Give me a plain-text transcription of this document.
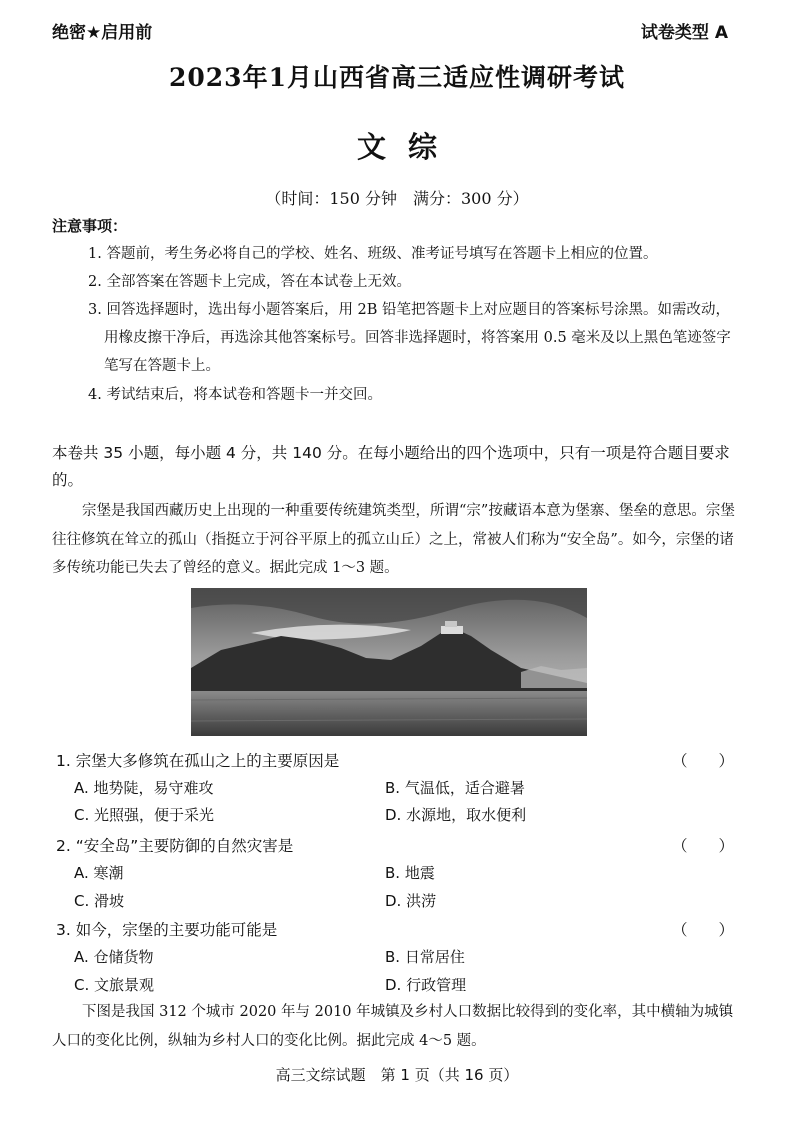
绝密★启用前	试卷类型 A
2023年1月山西省高三适应性调研考试
文综
（时间：150 分钟　满分：300 分）
注意事项：
1. 答题前，考生务必将自己的学校、姓名、班级、准考证号填写在答题卡上相应的位置。
2. 全部答案在答题卡上完成，答在本试卷上无效。
3. 回答选择题时，选出每小题答案后，用 2B 铅笔把答题卡上对应题目的答案标号涂黑。如需改动，用橡皮擦干净后，再选涂其他答案标号。回答非选择题时，将答案用 0.5 毫米及以上黑色笔迹签字笔写在答题卡上。
4. 考试结束后，将本试卷和答题卡一并交回。
本卷共 35 小题，每小题 4 分，共 140 分。在每小题给出的四个选项中，只有一项是符合题目要求的。
宗堡是我国西藏历史上出现的一种重要传统建筑类型，所谓“宗”按藏语本意为堡寨、堡垒的意思。宗堡往往修筑在耸立的孤山（指挺立于河谷平原上的孤立山丘）之上，常被人们称为“安全岛”。如今，宗堡的诸多传统功能已失去了曾经的意义。据此完成 1～3 题。
1. 宗堡大多修筑在孤山之上的主要原因是	（　　）
A. 地势陡，易守难攻	B. 气温低，适合避暑
C. 光照强，便于采光	D. 水源地，取水便利
2. “安全岛”主要防御的自然灾害是	（　　）
A. 寒潮	B. 地震
C. 滑坡	D. 洪涝
3. 如今，宗堡的主要功能可能是	（　　）
A. 仓储货物	B. 日常居住
C. 文旅景观	D. 行政管理
下图是我国 312 个城市 2020 年与 2010 年城镇及乡村人口数据比较得到的变化率，其中横轴为城镇人口的变化比例，纵轴为乡村人口的变化比例。据此完成 4～5 题。
高三文综试题　第 1 页（共 16 页）
